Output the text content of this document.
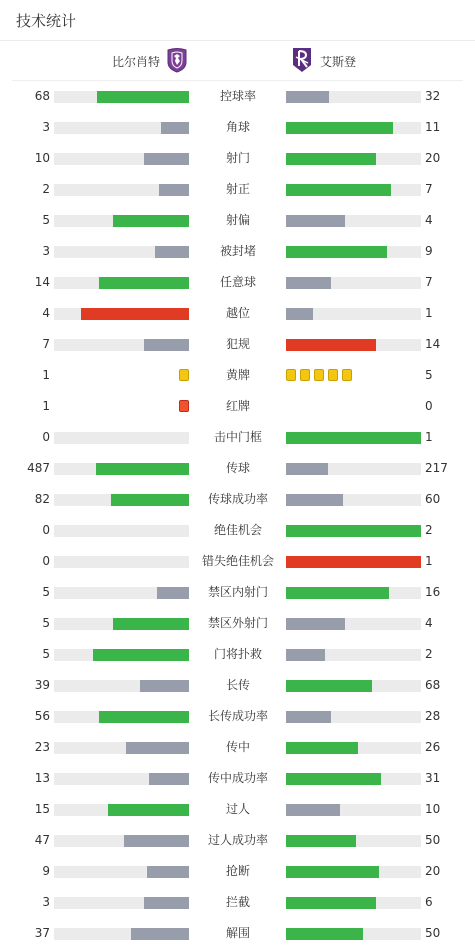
技术统计
比尔肖特	艾斯登
68	控球率	32
3	角球	11
10	射门	20
2	射正	7
5	射偏	4
3	被封堵	9
14	任意球	7
4	越位	1
7	犯规	14
1	黄牌	5
1	红牌	0
0	击中门框	1
487	传球	217
82	传球成功率	60
0	绝佳机会	2
0	错失绝佳机会	1
5	禁区内射门	16
5	禁区外射门	4
5	门将扑救	2
39	长传	68
56	长传成功率	28
23	传中	26
13	传中成功率	31
15	过人	10
47	过人成功率	50
9	抢断	20
3	拦截	6
37	解围	50
